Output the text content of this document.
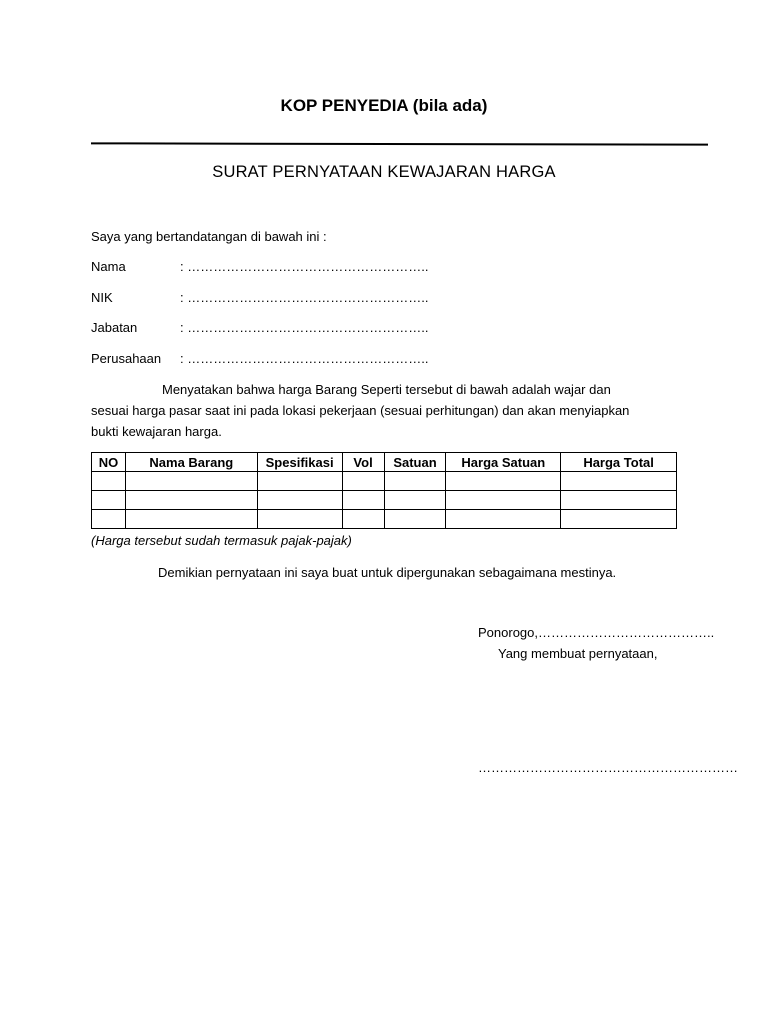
KOP PENYEDIA (bila ada)
SURAT PERNYATAAN KEWAJARAN HARGA
Saya yang bertandatangan di bawah ini :
Nama	: ………………………………………………..
NIK	: ………………………………………………..
Jabatan	: ………………………………………………..
Perusahaan : ………………………………………………..
Menyatakan bahwa harga Barang Seperti tersebut di bawah adalah wajar dan
sesuai harga pasar saat ini pada lokasi pekerjaan (sesuai perhitungan) dan akan menyiapkan
bukti kewajaran harga.
NO	Nama Barang	Spesifikasi	Vol	Satuan	Harga Satuan	Harga Total

(Harga tersebut sudah termasuk pajak-pajak)
Demikian pernyataan ini saya buat untuk dipergunakan sebagaimana mestinya.
Ponorogo,…………………………………..
Yang membuat pernyataan,
……………………………………………………
